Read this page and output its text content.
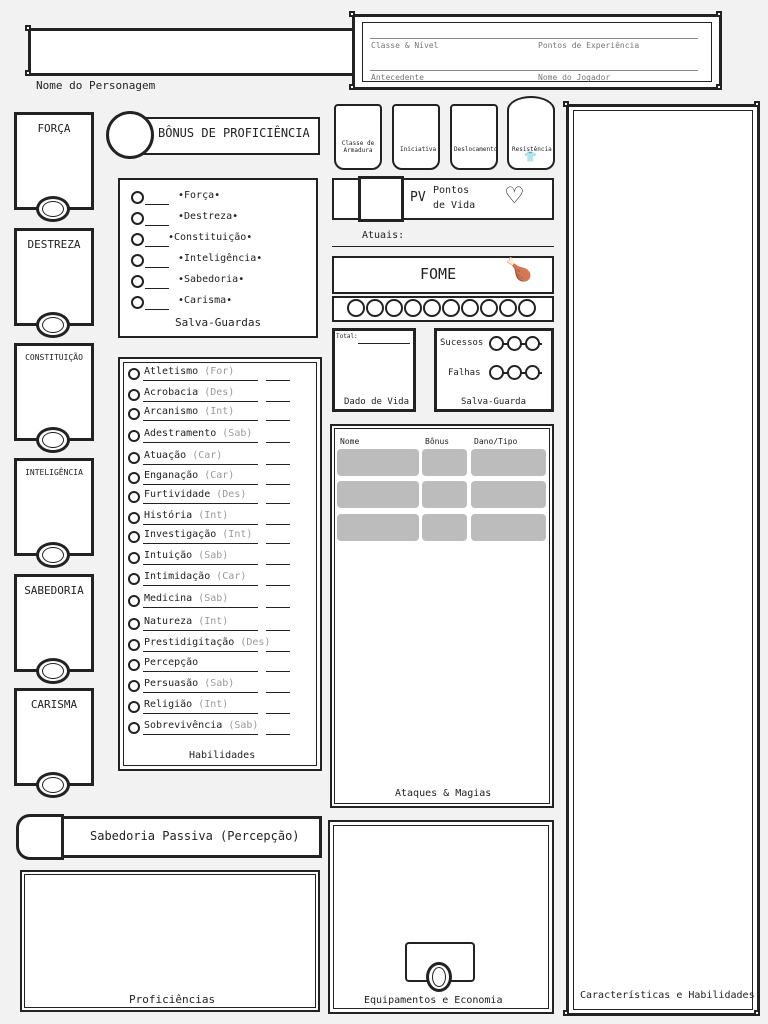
Nome do Personagem
Classe & Nível	Pontos de Experiência
Antecedente	Nome do Jogador
FORÇA
DESTREZA
CONSTITUIÇÃO
INTELIGÊNCIA
SABEDORIA
CARISMA
BÔNUS DE PROFICIÊNCIA
•Força•
•Destreza•
•Constituição•
•Inteligência•
•Sabedoria•
•Carisma•
Salva-Guardas
Atletismo (For)
Acrobacia (Des)
Arcanismo (Int)
Adestramento (Sab)
Atuação (Car)
Enganação (Car)
Furtividade (Des)
História (Int)
Investigação (Int)
Intuição (Sab)
Intimidação (Car)
Medicina (Sab)
Natureza (Int)
Prestidigitação (Des)
Percepção
Persuasão (Sab)
Religião (Int)
Sobrevivência (Sab)
Habilidades
Classe de Armadura	Iniciativa	Deslocamento Resistência
👕
PV Pontos
de Vida ♡
Atuais:
FOME 🍗
Total:
Dado de Vida
Sucessos
Falhas
Salva-Guarda
Nome	Bônus	Dano/Tipo
Ataques & Magias
Sabedoria Passiva (Percepção)
Proficiências	Equipamentos e Economia	Características e Habilidades
